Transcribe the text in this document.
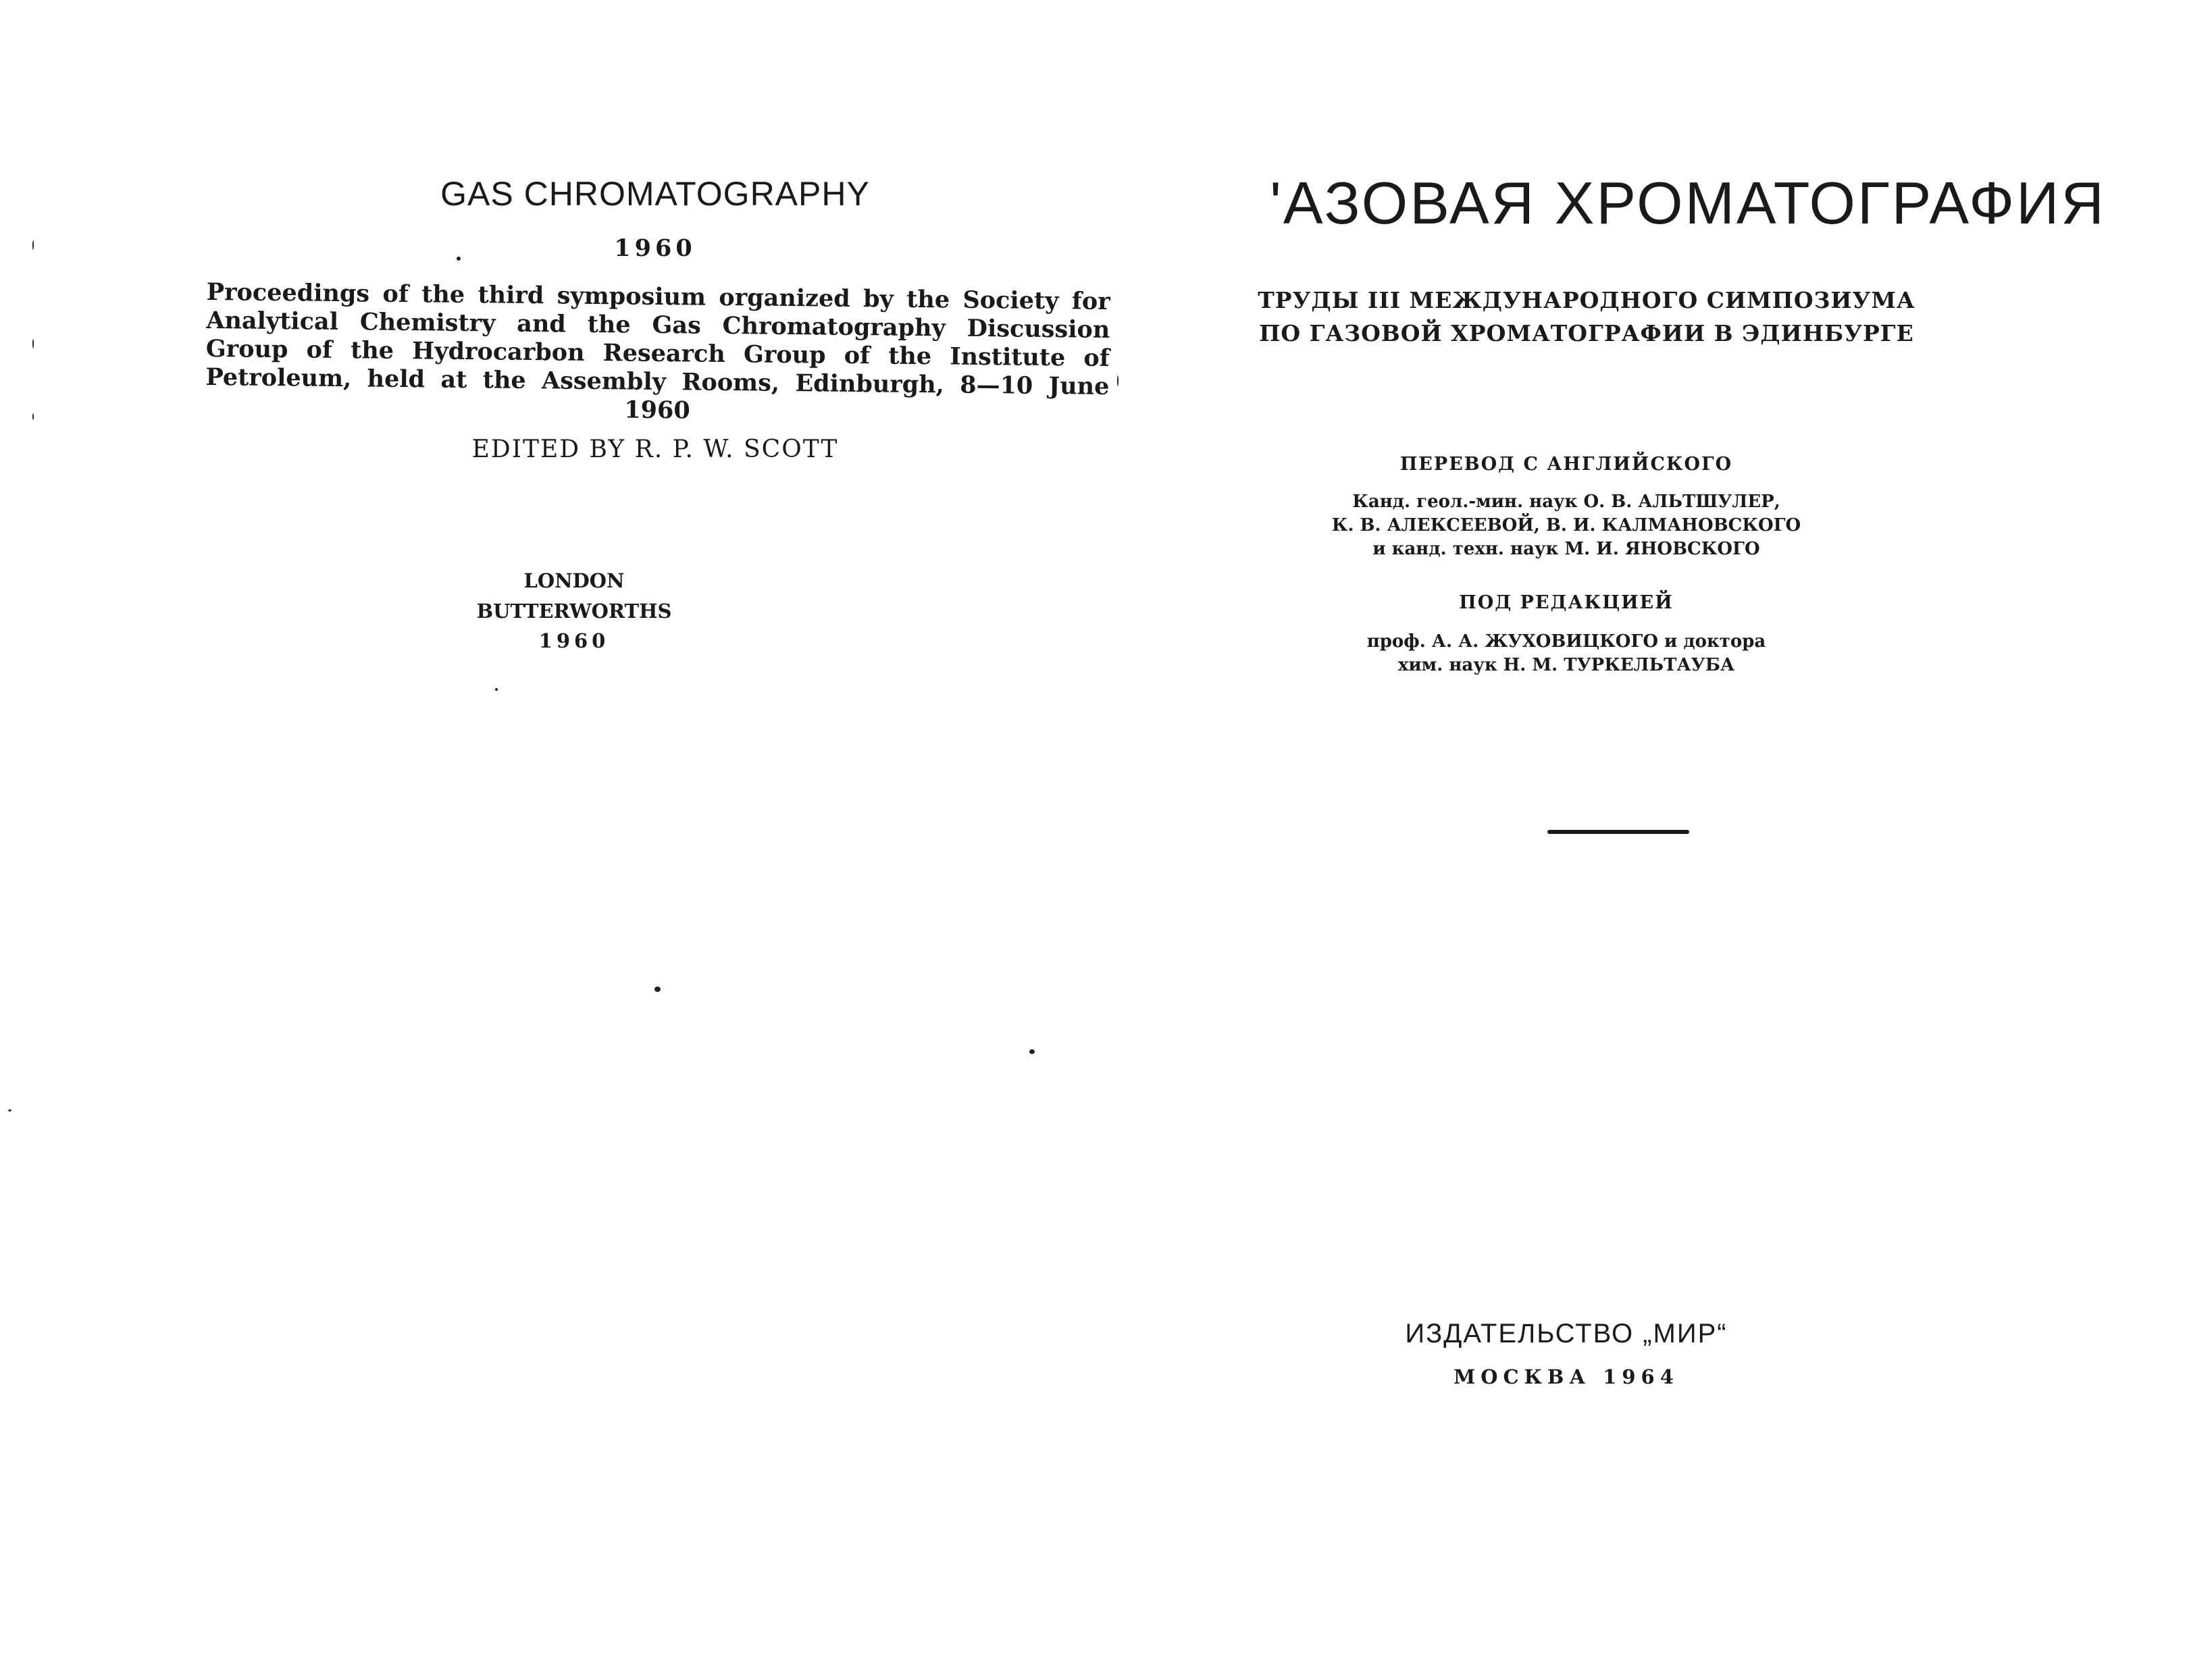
GAS CHROMATOGRAPHY

1960

Proceedings of the third symposium organized by the Society for Analytical Chemistry and the Gas Chromatography Discussion Group of the Hydrocarbon Research Group of the Institute of Petroleum, held at the Assembly Rooms, Edinburgh, 8—10 June 1960

EDITED BY R. P. W. SCOTT

LONDON

BUTTERWORTHS

1960

'АЗОВАЯ ХРОМАТОГРАФИЯ

ТРУДЫ III МЕЖДУНАРОДНОГО СИМПОЗИУМА

ПО ГАЗОВОЙ ХРОМАТОГРАФИИ В ЭДИНБУРГЕ

ПЕРЕВОД С АНГЛИЙСКОГО

Канд. геол.-мин. наук О. В. АЛЬТШУЛЕР,

К. В. АЛЕКСЕЕВОЙ, В. И. КАЛМАНОВСКОГО

и канд. техн. наук М. И. ЯНОВСКОГО

ПОД РЕДАКЦИЕЙ

проф. А. А. ЖУХОВИЦКОГО и доктора

хим. наук Н. М. ТУРКЕЛЬТАУБА

ИЗДАТЕЛЬСТВО „МИР“

МОСКВА 1964
